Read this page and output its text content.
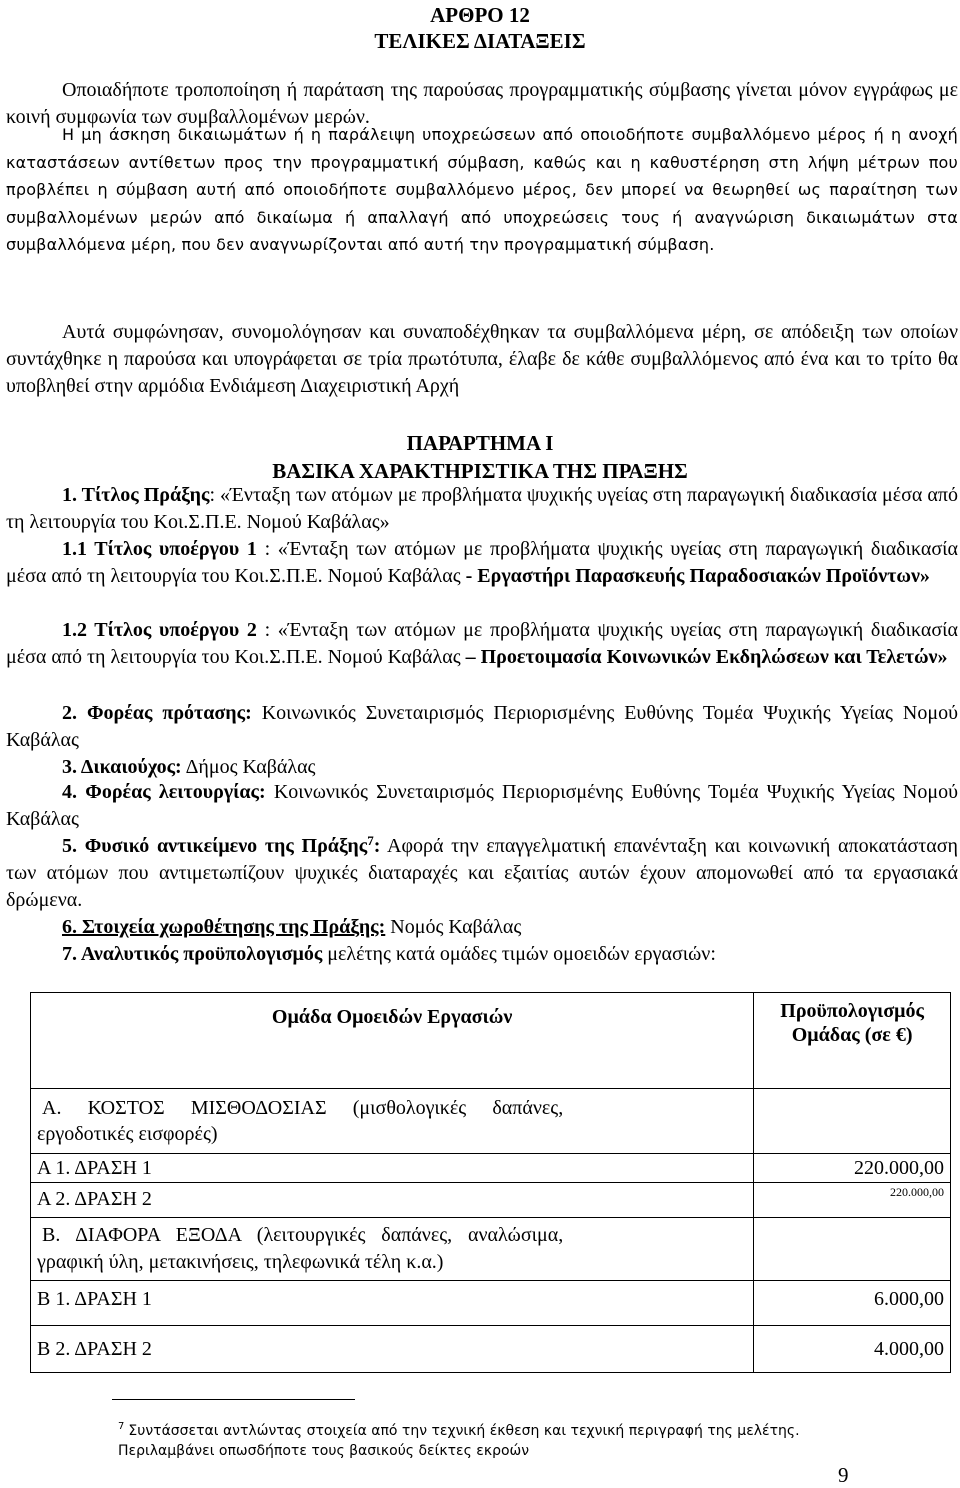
ΑΡΘΡΟ 12
ΤΕΛΙΚΕΣ ΔΙΑΤΑΞΕΙΣ
Οποιαδήποτε τροποποίηση ή παράταση της παρούσας προγραμματικής σύμβασης γίνεται μόνον εγγράφως με κοινή συμφωνία των συμβαλλομένων μερών.
Η μη άσκηση δικαιωμάτων ή η παράλειψη υποχρεώσεων από οποιοδήποτε συμβαλλόμενο μέρος ή η ανοχή καταστάσεων αντίθετων προς την προγραμματική σύμβαση, καθώς και η καθυστέρηση στη λήψη μέτρων που προβλέπει η σύμβαση αυτή από οποιοδήποτε συμβαλλόμενο μέρος, δεν μπορεί να θεωρηθεί ως παραίτηση των συμβαλλομένων μερών από δικαίωμα ή απαλλαγή από υποχρεώσεις τους ή αναγνώριση δικαιωμάτων στα συμβαλλόμενα μέρη, που δεν αναγνωρίζονται από αυτή την προγραμματική σύμβαση.
Αυτά συμφώνησαν, συνομολόγησαν και συναποδέχθηκαν τα συμβαλλόμενα μέρη, σε απόδειξη των οποίων συντάχθηκε η παρούσα και υπογράφεται σε τρία πρωτότυπα, έλαβε δε κάθε συμβαλλόμενος από ένα και το τρίτο θα υποβληθεί στην αρμόδια Ενδιάμεση Διαχειριστική Αρχή
ΠΑΡΑΡΤΗΜΑ Ι
ΒΑΣΙΚΑ ΧΑΡΑΚΤΗΡΙΣΤΙΚΑ ΤΗΣ ΠΡΑΞΗΣ
1. Τίτλος Πράξης: «Ένταξη των ατόμων με προβλήματα ψυχικής υγείας στη παραγωγική διαδικασία μέσα από τη λειτουργία του Κοι.Σ.Π.Ε. Νομού Καβάλας»
1.1 Τίτλος υποέργου 1 : «Ένταξη των ατόμων με προβλήματα ψυχικής υγείας στη παραγωγική διαδικασία μέσα από τη λειτουργία του Κοι.Σ.Π.Ε. Νομού Καβάλας - Εργαστήρι Παρασκευής Παραδοσιακών Προϊόντων»
1.2 Τίτλος υποέργου 2 : «Ένταξη των ατόμων με προβλήματα ψυχικής υγείας στη παραγωγική διαδικασία μέσα από τη λειτουργία του Κοι.Σ.Π.Ε. Νομού Καβάλας – Προετοιμασία Κοινωνικών Εκδηλώσεων και Τελετών»
2. Φορέας πρότασης: Κοινωνικός Συνεταιρισμός Περιορισμένης Ευθύνης Τομέα Ψυχικής Υγείας Νομού Καβάλας
3. Δικαιούχος: Δήμος Καβάλας
4. Φορέας λειτουργίας: Κοινωνικός Συνεταιρισμός Περιορισμένης Ευθύνης Τομέα Ψυχικής Υγείας Νομού Καβάλας
5. Φυσικό αντικείμενο της Πράξης$^7$: Αφορά την επαγγελματική επανένταξη και κοινωνική αποκατάσταση των ατόμων που αντιμετωπίζουν ψυχικές διαταραχές και εξαιτίας αυτών έχουν απομονωθεί από τα εργασιακά δρώμενα.
6. Στοιχεία χωροθέτησης της Πράξης: Νομός Καβάλας
7. Αναλυτικός προϋπολογισμός μελέτης κατά ομάδες τιμών ομοειδών εργασιών:
Ομάδα Ομοειδών Εργασιών	Προϋπολογισμός
Ομάδας (σε €)

Α. ΚΟΣΤΟΣ ΜΙΣΘΟΔΟΣΙΑΣ (μισθολογικές δαπάνες, εργοδοτικές εισφορές)	
Α 1. ΔΡΑΣΗ 1	220.000,00
Α 2. ΔΡΑΣΗ 2	220.000,00
Β. ΔΙΑΦΟΡΑ ΕΞΟΔΑ (λειτουργικές δαπάνες, αναλώσιμα, γραφική ύλη, μετακινήσεις, τηλεφωνικά τέλη κ.α.)	
Β 1. ΔΡΑΣΗ 1	6.000,00
Β 2. ΔΡΑΣΗ 2	4.000,00
$^7$ Συντάσσεται αντλώντας στοιχεία από την τεχνική έκθεση και τεχνική περιγραφή της μελέτης.
Περιλαμβάνει οπωσδήποτε τους βασικούς δείκτες εκροών
9
